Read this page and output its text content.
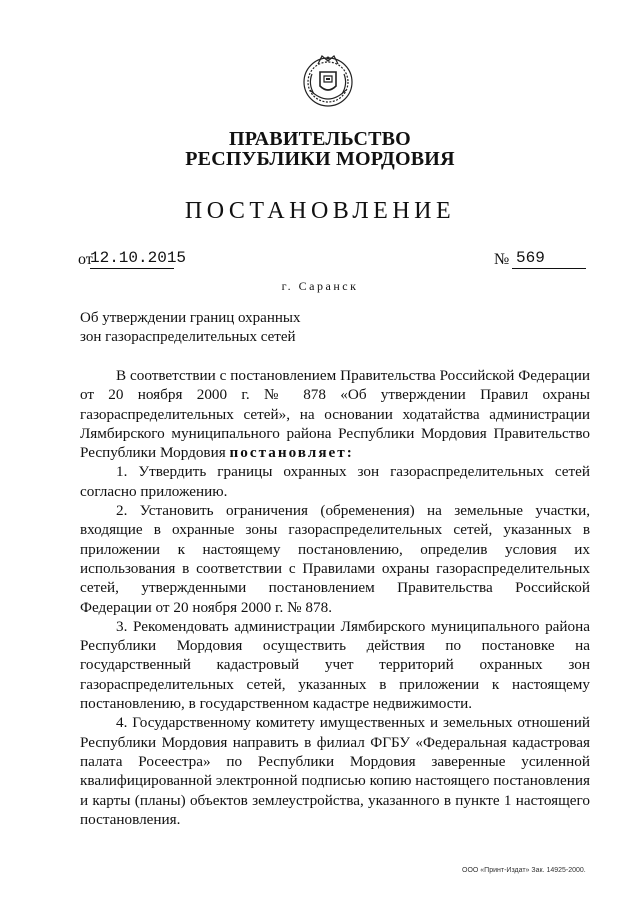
ПРАВИТЕЛЬСТВО
РЕСПУБЛИКИ МОРДОВИЯ
ПОСТАНОВЛЕНИЕ
от
12.10.2015	№ 569
г. Саранск
Об утверждении границ охранных
зон газораспределительных сетей

В соответствии с постановлением Правительства Российской Федерации от 20 ноября 2000 г. № 878 «Об утверждении Правил охраны газораспределительных сетей», на основании ходатайства администрации Лямбирского муниципального района Республики Мордовия Правительство Республики Мордовия постановляет:

1. Утвердить границы охранных зон газораспределительных сетей согласно приложению.

2. Установить ограничения (обременения) на земельные участки, входящие в охранные зоны газораспределительных сетей, указанных в приложении к настоящему постановлению, определив условия их использования в соответствии с Правилами охраны газораспределительных сетей, утвержденными постановлением Правительства Российской Федерации от 20 ноября 2000 г. № 878.

3. Рекомендовать администрации Лямбирского муниципального района Республики Мордовия осуществить действия по постановке на государственный кадастровый учет территорий охранных зон газораспределительных сетей, указанных в приложении к настоящему постановлению, в государственном кадастре недвижимости.

4. Государственному комитету имущественных и земельных отношений Республики Мордовия направить в филиал ФГБУ «Федеральная кадастровая палата Росеестра» по Республики Мордовия заверенные усиленной квалифицированной электронной подписью копию настоящего постановления и карты (планы) объектов землеустройства, указанного в пункте 1 настоящего постановления.

ООО «Принт-Издат» Зак. 14925-2000.
